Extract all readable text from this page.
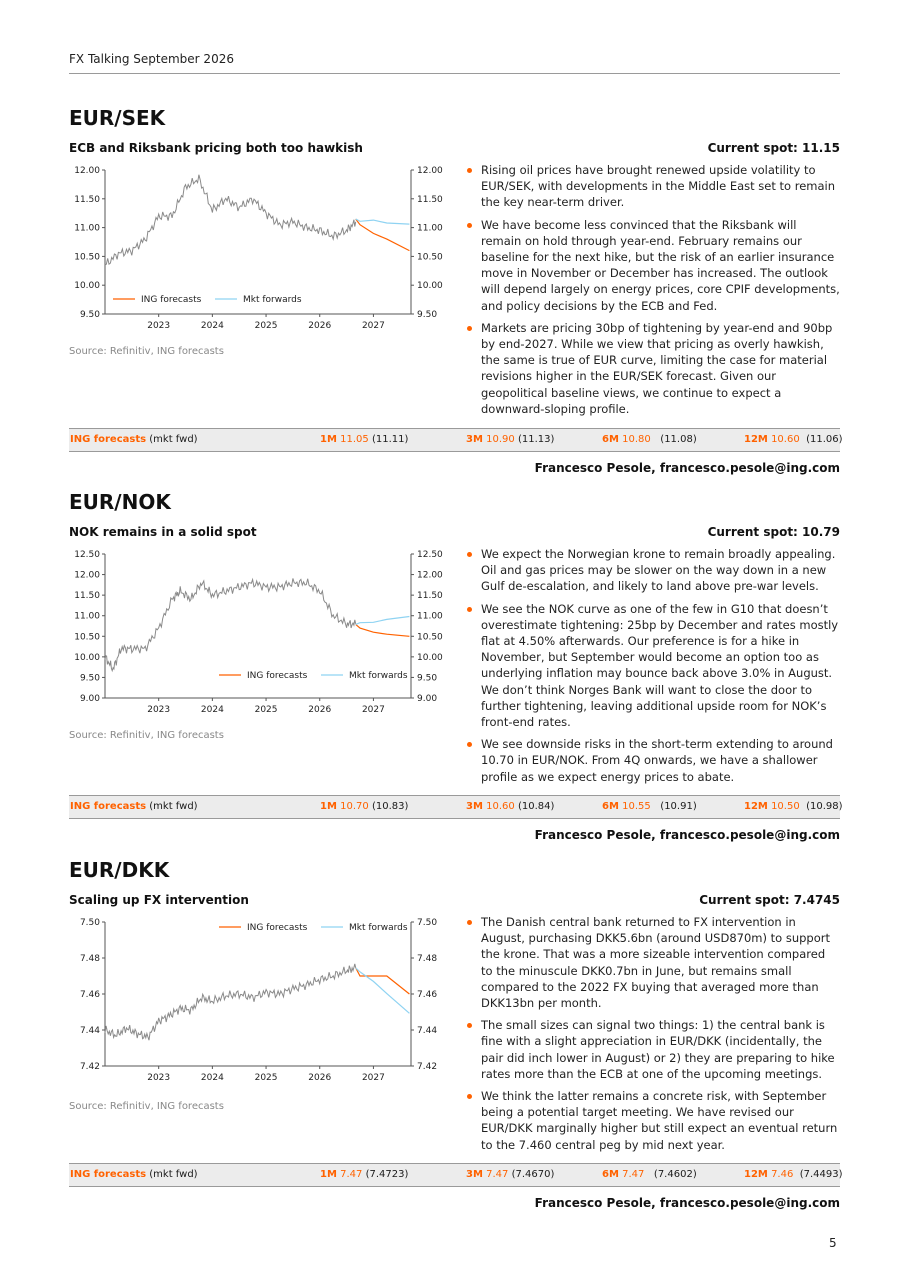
FX Talking September 2026
EUR/SEK
ECB and Riksbank pricing both too hawkish	Current spot: 11.15
12.00	12.00
11.50	11.50
11.00	11.00
10.50	10.50
10.00	10.00
9.50	9.50
2023	2024	2025	2026	2027
ING forecasts	Mkt forwards
Source: Refinitiv, ING forecasts
Rising oil prices have brought renewed upside volatility to EUR/SEK, with developments in the Middle East set to remain the key near-term driver.
We have become less convinced that the Riksbank will remain on hold through year-end. February remains our baseline for the next hike, but the risk of an earlier insurance move in November or December has increased. The outlook will depend largely on energy prices, core CPIF developments, and policy decisions by the ECB and Fed.
Markets are pricing 30bp of tightening by year-end and 90bp by end-2027. While we view that pricing as overly hawkish, the same is true of EUR curve, limiting the case for material revisions higher in the EUR/SEK forecast. Given our geopolitical baseline views, we continue to expect a downward-sloping profile.
ING forecasts (mkt fwd)	1M 11.05 (11.11)	3M 10.90 (11.13)	6M 10.80 (11.08)	12M 10.60 (11.06)
Francesco Pesole, francesco.pesole@ing.com
EUR/NOK
NOK remains in a solid spot	Current spot: 10.79
12.50	12.50
12.00	12.00
11.50	11.50
11.00	11.00
10.50	10.50
10.00	10.00
9.50	9.50
9.00	9.00
2023	2024	2025	2026	2027
ING forecasts	Mkt forwards
Source: Refinitiv, ING forecasts
We expect the Norwegian krone to remain broadly appealing. Oil and gas prices may be slower on the way down in a new Gulf de-escalation, and likely to land above pre-war levels.
We see the NOK curve as one of the few in G10 that doesn’t overestimate tightening: 25bp by December and rates mostly flat at 4.50% afterwards. Our preference is for a hike in November, but September would become an option too as underlying inflation may bounce back above 3.0% in August. We don’t think Norges Bank will want to close the door to further tightening, leaving additional upside room for NOK’s front-end rates.
We see downside risks in the short-term extending to around 10.70 in EUR/NOK. From 4Q onwards, we have a shallower profile as we expect energy prices to abate.
ING forecasts (mkt fwd)	1M 10.70 (10.83)	3M 10.60 (10.84)	6M 10.55 (10.91)	12M 10.50 (10.98)
Francesco Pesole, francesco.pesole@ing.com
EUR/DKK
Scaling up FX intervention	Current spot: 7.4745
7.50	7.50
7.48	7.48
7.46	7.46
7.44	7.44
7.42	7.42
2023	2024	2025	2026	2027
ING forecasts	Mkt forwards
Source: Refinitiv, ING forecasts
The Danish central bank returned to FX intervention in August, purchasing DKK5.6bn (around USD870m) to support the krone. That was a more sizeable intervention compared to the minuscule DKK0.7bn in June, but remains small compared to the 2022 FX buying that averaged more than DKK13bn per month.
The small sizes can signal two things: 1) the central bank is fine with a slight appreciation in EUR/DKK (incidentally, the pair did inch lower in August) or 2) they are preparing to hike rates more than the ECB at one of the upcoming meetings.
We think the latter remains a concrete risk, with September being a potential target meeting. We have revised our EUR/DKK marginally higher but still expect an eventual return to the 7.460 central peg by mid next year.
ING forecasts (mkt fwd)	1M 7.47 (7.4723)	3M 7.47 (7.4670)	6M 7.47 (7.4602)	12M 7.46 (7.4493)
Francesco Pesole, francesco.pesole@ing.com
5
